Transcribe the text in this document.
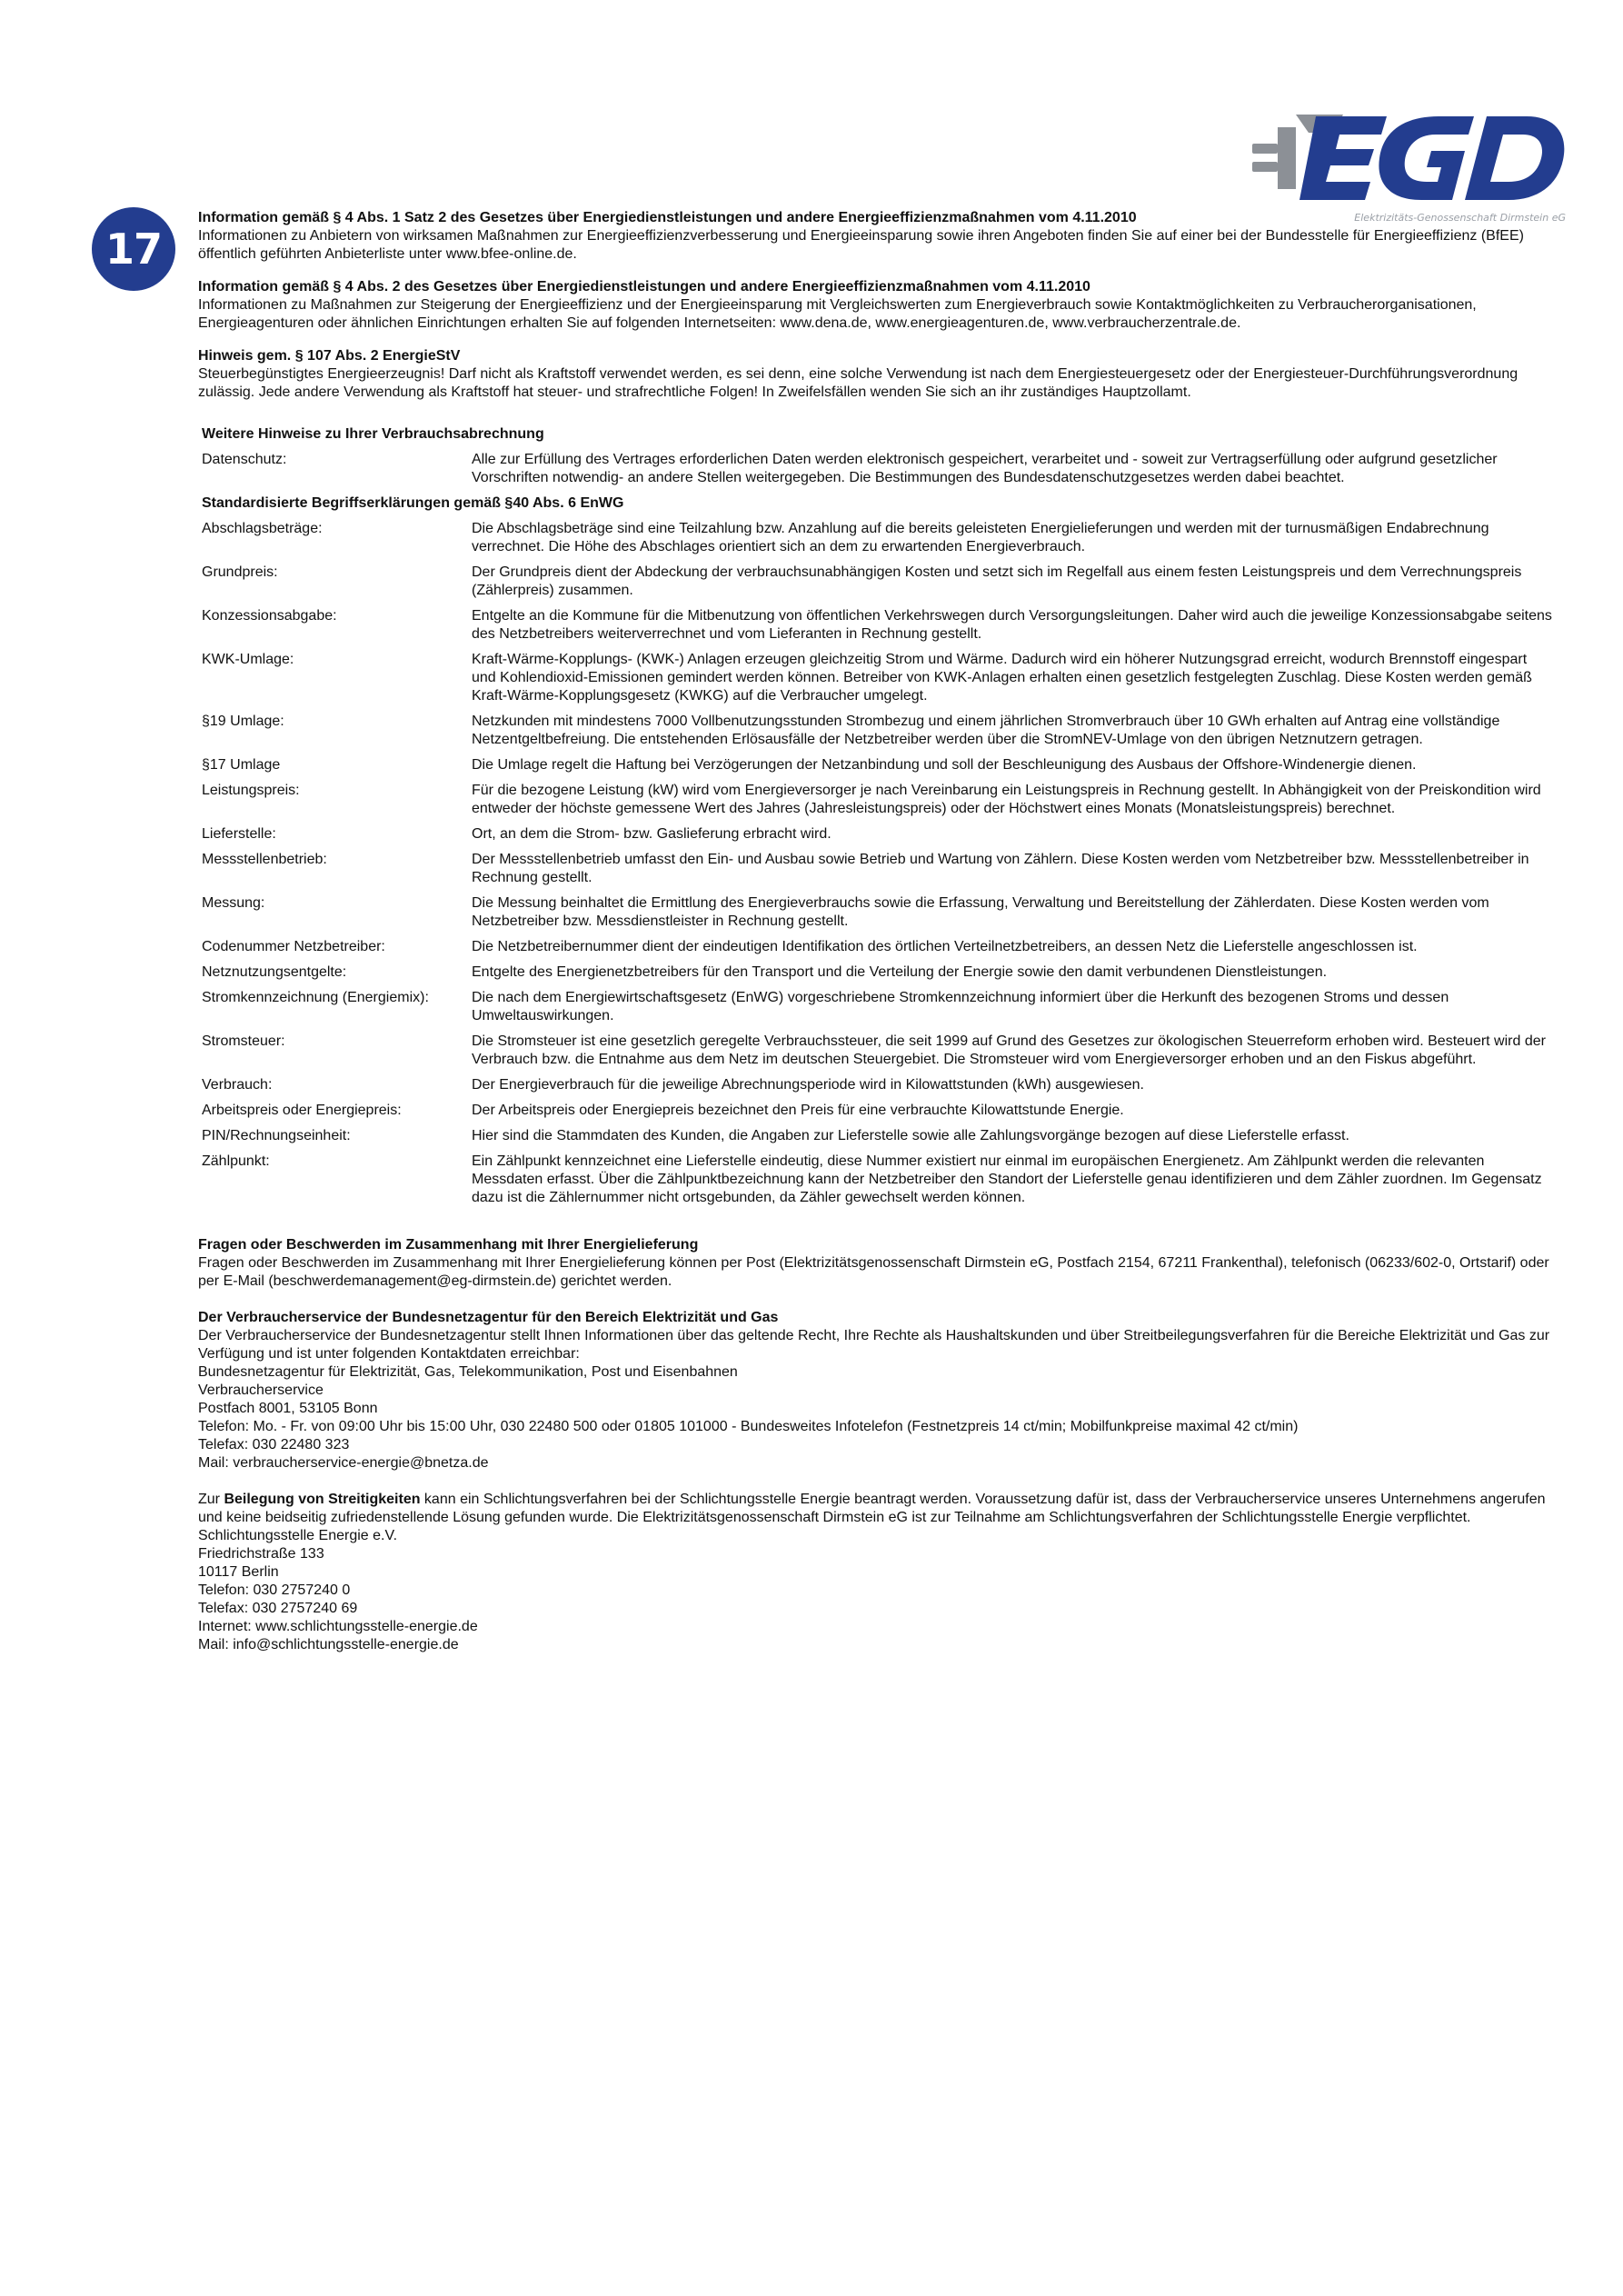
17
Elektrizitäts-Genossenschaft Dirmstein eG
Information gemäß § 4 Abs. 1 Satz 2 des Gesetzes über Energiedienstleistungen und andere Energieeffizienzmaßnahmen vom 4.11.2010

Informationen zu Anbietern von wirksamen Maßnahmen zur Energieeffizienzverbesserung und Energieeinsparung sowie ihren Angeboten finden Sie auf einer bei der Bundesstelle für Energieeffizienz (BfEE) öffentlich geführten Anbieterliste unter www.bfee-online.de.

Information gemäß § 4 Abs. 2 des Gesetzes über Energiedienstleistungen und andere Energieeffizienzmaßnahmen vom 4.11.2010

Informationen zu Maßnahmen zur Steigerung der Energieeffizienz und der Energieeinsparung mit Vergleichswerten zum Energieverbrauch sowie Kontaktmöglichkeiten zu Verbraucherorganisationen, Energieagenturen oder ähnlichen Einrichtungen erhalten Sie auf folgenden Internetseiten: www.dena.de, www.energieagenturen.de, www.verbraucherzentrale.de.

Hinweis gem. § 107 Abs. 2 EnergieStV

Steuerbegünstigtes Energieerzeugnis! Darf nicht als Kraftstoff verwendet werden, es sei denn, eine solche Verwendung ist nach dem Energiesteuergesetz oder der Energiesteuer-Durchführungsverordnung zulässig. Jede andere Verwendung als Kraftstoff hat steuer- und strafrechtliche Folgen! In Zweifelsfällen wenden Sie sich an ihr zuständiges Hauptzollamt.

Weitere Hinweise zu Ihrer Verbrauchsabrechnung
Datenschutz:	Alle zur Erfüllung des Vertrages erforderlichen Daten werden elektronisch gespeichert, verarbeitet und - soweit zur Vertragserfüllung oder aufgrund gesetzlicher Vorschriften notwendig- an andere Stellen weitergegeben. Die Bestimmungen des Bundesdatenschutzgesetzes werden dabei beachtet.
Standardisierte Begriffserklärungen gemäß §40 Abs. 6 EnWG
Abschlagsbeträge:	Die Abschlagsbeträge sind eine Teilzahlung bzw. Anzahlung auf die bereits geleisteten Energielieferungen und werden mit der turnusmäßigen Endabrechnung verrechnet. Die Höhe des Abschlages orientiert sich an dem zu erwartenden Energieverbrauch.
Grundpreis:	Der Grundpreis dient der Abdeckung der verbrauchsunabhängigen Kosten und setzt sich im Regelfall aus einem festen Leistungspreis und dem Verrechnungspreis (Zählerpreis) zusammen.
Konzessionsabgabe:	Entgelte an die Kommune für die Mitbenutzung von öffentlichen Verkehrswegen durch Versorgungsleitungen. Daher wird auch die jeweilige Konzessionsabgabe seitens des Netzbetreibers weiterverrechnet und vom Lieferanten in Rechnung gestellt.
KWK-Umlage:	Kraft-Wärme-Kopplungs- (KWK-) Anlagen erzeugen gleichzeitig Strom und Wärme. Dadurch wird ein höherer Nutzungsgrad erreicht, wodurch Brennstoff eingespart und Kohlendioxid-Emissionen gemindert werden können. Betreiber von KWK-Anlagen erhalten einen gesetzlich festgelegten Zuschlag. Diese Kosten werden gemäß Kraft-Wärme-Kopplungsgesetz (KWKG) auf die Verbraucher umgelegt.
§19 Umlage:	Netzkunden mit mindestens 7000 Vollbenutzungsstunden Strombezug und einem jährlichen Stromverbrauch über 10 GWh erhalten auf Antrag eine vollständige Netzentgeltbefreiung. Die entstehenden Erlösausfälle der Netzbetreiber werden über die StromNEV-Umlage von den übrigen Netznutzern getragen.
§17 Umlage	Die Umlage regelt die Haftung bei Verzögerungen der Netzanbindung und soll der Beschleunigung des Ausbaus der Offshore-Windenergie dienen.
Leistungspreis:	Für die bezogene Leistung (kW) wird vom Energieversorger je nach Vereinbarung ein Leistungspreis in Rechnung gestellt. In Abhängigkeit von der Preiskondition wird entweder der höchste gemessene Wert des Jahres (Jahresleistungspreis) oder der Höchstwert eines Monats (Monatsleistungspreis) berechnet.
Lieferstelle:	Ort, an dem die Strom- bzw. Gaslieferung erbracht wird.
Messstellenbetrieb:	Der Messstellenbetrieb umfasst den Ein- und Ausbau sowie Betrieb und Wartung von Zählern. Diese Kosten werden vom Netzbetreiber bzw. Messstellenbetreiber in Rechnung gestellt.
Messung:	Die Messung beinhaltet die Ermittlung des Energieverbrauchs sowie die Erfassung, Verwaltung und Bereitstellung der Zählerdaten. Diese Kosten werden vom Netzbetreiber bzw. Messdienstleister in Rechnung gestellt.
Codenummer Netzbetreiber:	Die Netzbetreibernummer dient der eindeutigen Identifikation des örtlichen Verteilnetzbetreibers, an dessen Netz die Lieferstelle angeschlossen ist.
Netznutzungsentgelte:	Entgelte des Energienetzbetreibers für den Transport und die Verteilung der Energie sowie den damit verbundenen Dienstleistungen.
Stromkennzeichnung (Energiemix):	Die nach dem Energiewirtschaftsgesetz (EnWG) vorgeschriebene Stromkennzeichnung informiert über die Herkunft des bezogenen Stroms und dessen Umweltauswirkungen.
Stromsteuer:	Die Stromsteuer ist eine gesetzlich geregelte Verbrauchssteuer, die seit 1999 auf Grund des Gesetzes zur ökologischen Steuerreform erhoben wird. Besteuert wird der Verbrauch bzw. die Entnahme aus dem Netz im deutschen Steuergebiet. Die Stromsteuer wird vom Energieversorger erhoben und an den Fiskus abgeführt.
Verbrauch:	Der Energieverbrauch für die jeweilige Abrechnungsperiode wird in Kilowattstunden (kWh) ausgewiesen.
Arbeitspreis oder Energiepreis:	Der Arbeitspreis oder Energiepreis bezeichnet den Preis für eine verbrauchte Kilowattstunde Energie.
PIN/Rechnungseinheit:	Hier sind die Stammdaten des Kunden, die Angaben zur Lieferstelle sowie alle Zahlungsvorgänge bezogen auf diese Lieferstelle erfasst.
Zählpunkt:	Ein Zählpunkt kennzeichnet eine Lieferstelle eindeutig, diese Nummer existiert nur einmal im europäischen Energienetz. Am Zählpunkt werden die relevanten Messdaten erfasst. Über die Zählpunktbezeichnung kann der Netzbetreiber den Standort der Lieferstelle genau identifizieren und dem Zähler zuordnen. Im Gegensatz dazu ist die Zählernummer nicht ortsgebunden, da Zähler gewechselt werden können.
Fragen oder Beschwerden im Zusammenhang mit Ihrer Energielieferung

Fragen oder Beschwerden im Zusammenhang mit Ihrer Energielieferung können per Post (Elektrizitätsgenossenschaft Dirmstein eG, Postfach 2154, 67211 Frankenthal), telefonisch (06233/602-0, Ortstarif) oder per E-Mail (beschwerdemanagement@eg-dirmstein.de) gerichtet werden.

Der Verbraucherservice der Bundesnetzagentur für den Bereich Elektrizität und Gas

Der Verbraucherservice der Bundesnetzagentur stellt Ihnen Informationen über das geltende Recht, Ihre Rechte als Haushaltskunden und über Streitbeilegungsverfahren für die Bereiche Elektrizität und Gas zur Verfügung und ist unter folgenden Kontaktdaten erreichbar:

Bundesnetzagentur für Elektrizität, Gas, Telekommunikation, Post und Eisenbahnen
Verbraucherservice
Postfach 8001, 53105 Bonn
Telefon: Mo. - Fr. von 09:00 Uhr bis 15:00 Uhr, 030 22480 500 oder 01805 101000 - Bundesweites Infotelefon (Festnetzpreis 14 ct/min; Mobilfunkpreise maximal 42 ct/min)
Telefax: 030 22480 323
Mail: verbraucherservice-energie@bnetza.de

Zur Beilegung von Streitigkeiten kann ein Schlichtungsverfahren bei der Schlichtungsstelle Energie beantragt werden. Voraussetzung dafür ist, dass der Verbraucherservice unseres Unternehmens angerufen und keine beidseitig zufriedenstellende Lösung gefunden wurde. Die Elektrizitätsgenossenschaft Dirmstein eG ist zur Teilnahme am Schlichtungsverfahren der Schlichtungsstelle Energie verpflichtet.

Schlichtungsstelle Energie e.V.
Friedrichstraße 133
10117 Berlin
Telefon: 030 2757240 0
Telefax: 030 2757240 69
Internet: www.schlichtungsstelle-energie.de
Mail: info@schlichtungsstelle-energie.de
